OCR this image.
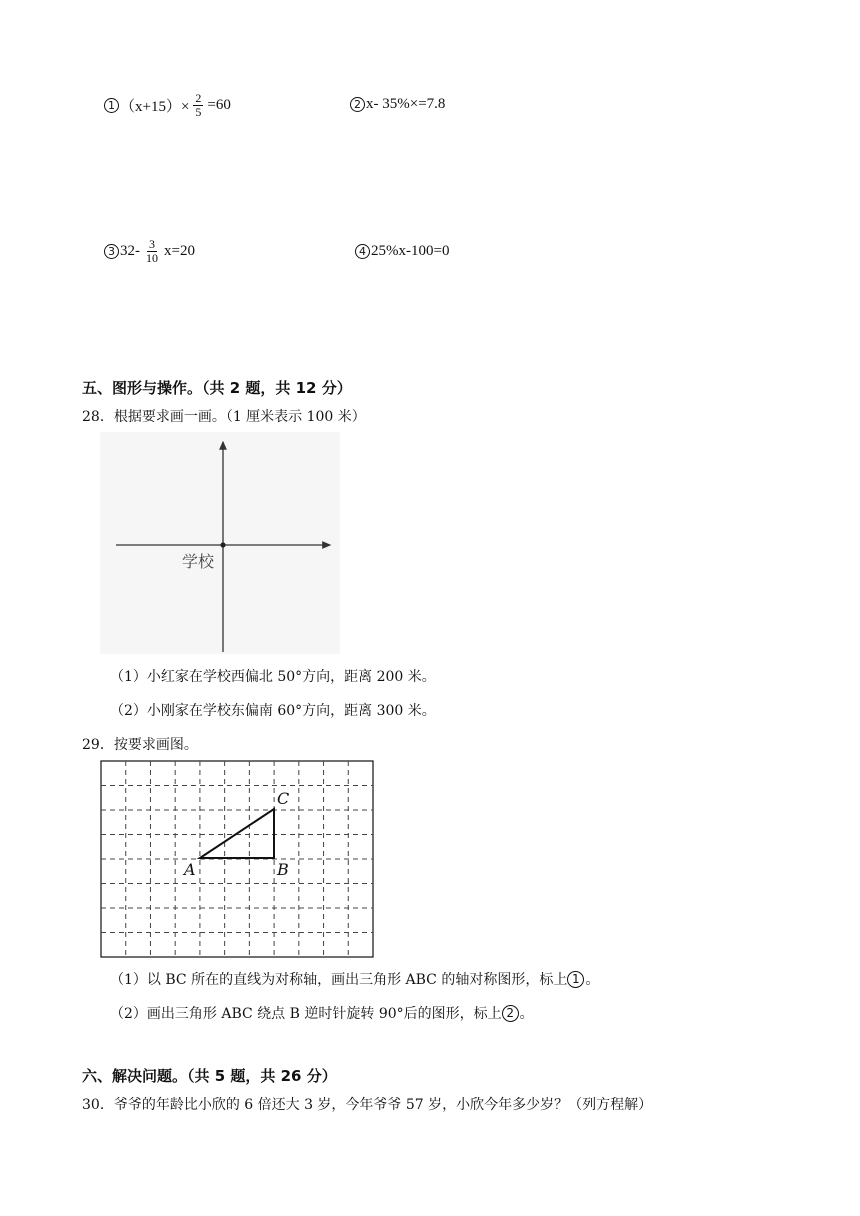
1 $(x+15)\times \frac{2}{5} =60$	2 x- 35%×=7.8
3 $32- \frac{3}{10} x=20$	4 25%x-100=0
五、图形与操作。（共 2 题，共 12 分）
28．根据要求画一画。（1 厘米表示 100 米）
学校
（1）小红家在学校西偏北 50°方向，距离 200 米。
（2）小刚家在学校东偏南 60°方向，距离 300 米。
29．按要求画图。
A	B
C
（1）以 BC 所在的直线为对称轴，画出三角形 ABC 的轴对称图形，标上 1 。
（2）画出三角形 ABC 绕点 B 逆时针旋转 90°后的图形，标上 2 。
六、解决问题。（共 5 题，共 26 分）
30．爷爷的年龄比小欣的 6 倍还大 3 岁，今年爷爷 57 岁，小欣今年多少岁？（列方程解）
